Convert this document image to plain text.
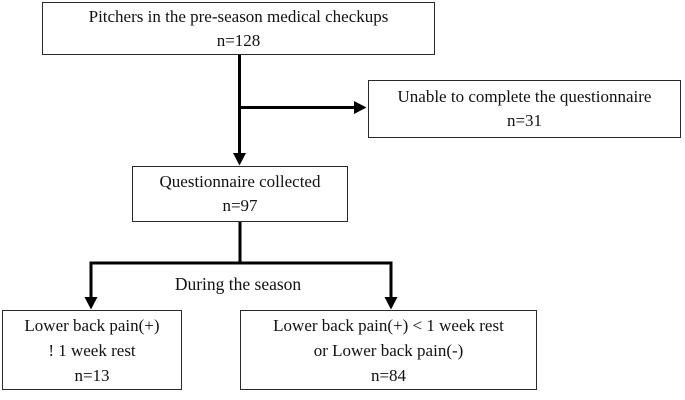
Pitchers in the pre-season medical checkups
n=128
Unable to complete the questionnaire
n=31
Questionnaire collected
n=97
During the season
Lower back pain(+)
! 1 week rest
n=13
Lower back pain(+) < 1 week rest
or Lower back pain(-)
n=84
